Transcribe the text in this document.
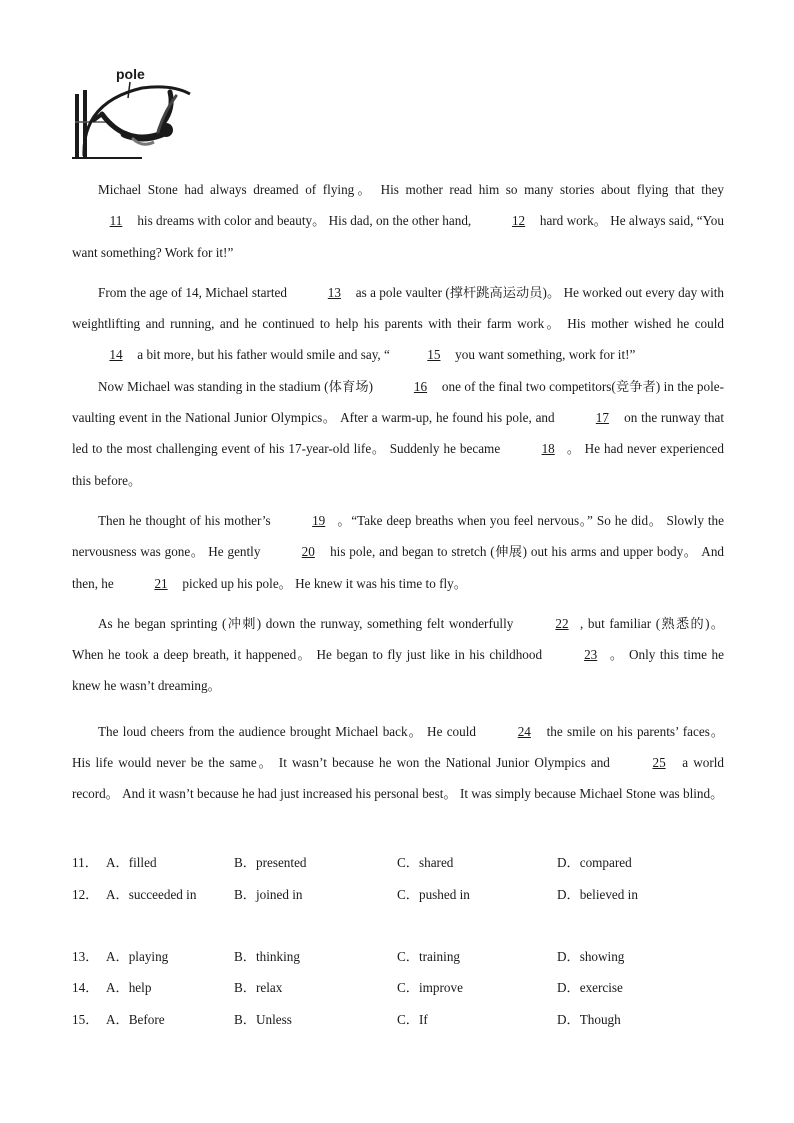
pole

Michael Stone had always dreamed of flying。 His mother read him so many stories about flying that they 11 his dreams with color and beauty。 His dad, on the other hand,	12 hard work。 He always said, “You want something? Work for it!”

From the age of 14, Michael started	13 as a pole vaulter (撑杆跳高运动员)。 He worked out every day with weightlifting and running, and he continued to help his parents with their farm work。 His mother wished he could 14 a bit more, but his father would smile and say, “	15 you want something, work for it!”

Now Michael was standing in the stadium (体育场)	16 one of the final two competitors(竞争者) in the pole-vaulting event in the National Junior Olympics。 After a warm-up, he found his pole, and	17 on the runway that led to the most challenging event of his 17-year-old life。 Suddenly he became	18 。 He had never experienced this before。

Then he thought of his mother’s	19 。“Take deep breaths when you feel nervous。” So he did。 Slowly the nervousness was gone。 He gently	20 his pole, and began to stretch (伸展) out his arms and upper body。 And then, he	21 picked up his pole。 He knew it was his time to fly。

As he began sprinting (冲刺) down the runway, something felt wonderfully	22 , but familiar (熟悉的)。 When he took a deep breath, it happened。 He began to fly just like in his childhood	23 。 Only this time he knew he wasn’t dreaming。

The loud cheers from the audience brought Michael back。 He could	24 the smile on his parents’ faces。 His life would never be the same。 It wasn’t because he won the National Junior Olympics and	25 a world record。 And it wasn’t because he had just increased his personal best。 It was simply because Michael Stone was blind。

11． A．filled	B．presented	C．shared	D．compared
12． A．succeeded in	B．joined in	C．pushed in	D．believed in
13． A．playing	B．thinking	C．training	D．showing
14． A．help	B．relax	C．improve	D．exercise
15． A．Before	B．Unless	C．If	D．Though
